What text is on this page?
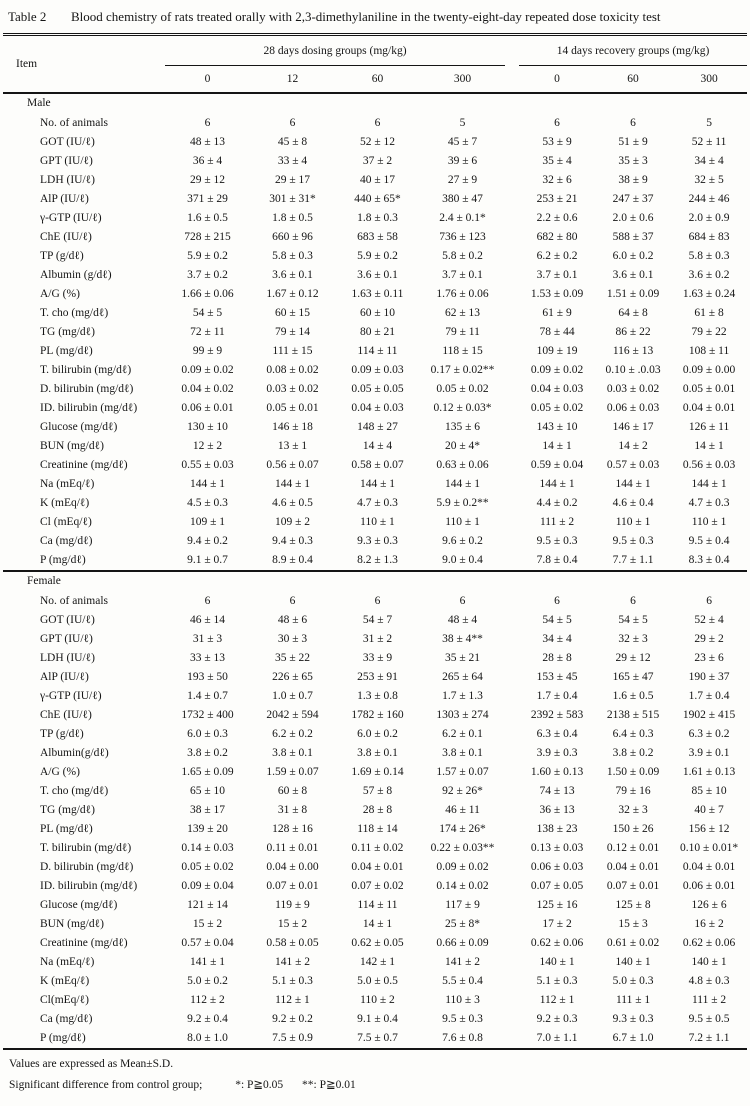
Table 2	Blood chemistry of rats treated orally with 2,3-dimethylaniline in the twenty-eight-day repeated dose toxicity test
Item	28 days dosing groups (mg/kg)					14 days recovery groups (mg/kg)		
	0	12	60	300		0	60	300
Male								
No. of animals	6	6	6	5		6	6	5
GOT (IU/ℓ)	48 ± 13	45 ± 8	52 ± 12	45 ± 7		53 ± 9	51 ± 9	52 ± 11
GPT (IU/ℓ)	36 ± 4	33 ± 4	37 ± 2	39 ± 6		35 ± 4	35 ± 3	34 ± 4
LDH (IU/ℓ)	29 ± 12	29 ± 17	40 ± 17	27 ± 9		32 ± 6	38 ± 9	32 ± 5
AlP (IU/ℓ)	371 ± 29	301 ± 31*	440 ± 65*	380 ± 47		253 ± 21	247 ± 37	244 ± 46
γ-GTP (IU/ℓ)	1.6 ± 0.5	1.8 ± 0.5	1.8 ± 0.3	2.4 ± 0.1*		2.2 ± 0.6	2.0 ± 0.6	2.0 ± 0.9
ChE (IU/ℓ)	728 ± 215	660 ± 96	683 ± 58	736 ± 123		682 ± 80	588 ± 37	684 ± 83
TP (g/dℓ)	5.9 ± 0.2	5.8 ± 0.3	5.9 ± 0.2	5.8 ± 0.2		6.2 ± 0.2	6.0 ± 0.2	5.8 ± 0.3
Albumin (g/dℓ)	3.7 ± 0.2	3.6 ± 0.1	3.6 ± 0.1	3.7 ± 0.1		3.7 ± 0.1	3.6 ± 0.1	3.6 ± 0.2
A/G (%)	1.66 ± 0.06	1.67 ± 0.12	1.63 ± 0.11	1.76 ± 0.06		1.53 ± 0.09	1.51 ± 0.09	1.63 ± 0.24
T. cho (mg/dℓ)	54 ± 5	60 ± 15	60 ± 10	62 ± 13		61 ± 9	64 ± 8	61 ± 8
TG (mg/dℓ)	72 ± 11	79 ± 14	80 ± 21	79 ± 11		78 ± 44	86 ± 22	79 ± 22
PL (mg/dℓ)	99 ± 9	111 ± 15	114 ± 11	118 ± 15		109 ± 19	116 ± 13	108 ± 11
T. bilirubin (mg/dℓ)	0.09 ± 0.02	0.08 ± 0.02	0.09 ± 0.03	0.17 ± 0.02**		0.09 ± 0.02	0.10 ± .0.03	0.09 ± 0.00
D. bilirubin (mg/dℓ)	0.04 ± 0.02	0.03 ± 0.02	0.05 ± 0.05	0.05 ± 0.02		0.04 ± 0.03	0.03 ± 0.02	0.05 ± 0.01
ID. bilirubin (mg/dℓ)	0.06 ± 0.01	0.05 ± 0.01	0.04 ± 0.03	0.12 ± 0.03*		0.05 ± 0.02	0.06 ± 0.03	0.04 ± 0.01
Glucose (mg/dℓ)	130 ± 10	146 ± 18	148 ± 27	135 ± 6		143 ± 10	146 ± 17	126 ± 11
BUN (mg/dℓ)	12 ± 2	13 ± 1	14 ± 4	20 ± 4*		14 ± 1	14 ± 2	14 ± 1
Creatinine (mg/dℓ)	0.55 ± 0.03	0.56 ± 0.07	0.58 ± 0.07	0.63 ± 0.06		0.59 ± 0.04	0.57 ± 0.03	0.56 ± 0.03
Na (mEq/ℓ)	144 ± 1	144 ± 1	144 ± 1	144 ± 1		144 ± 1	144 ± 1	144 ± 1
K (mEq/ℓ)	4.5 ± 0.3	4.6 ± 0.5	4.7 ± 0.3	5.9 ± 0.2**		4.4 ± 0.2	4.6 ± 0.4	4.7 ± 0.3
Cl (mEq/ℓ)	109 ± 1	109 ± 2	110 ± 1	110 ± 1		111 ± 2	110 ± 1	110 ± 1
Ca (mg/dℓ)	9.4 ± 0.2	9.4 ± 0.3	9.3 ± 0.3	9.6 ± 0.2		9.5 ± 0.3	9.5 ± 0.3	9.5 ± 0.4
P (mg/dℓ)	9.1 ± 0.7	8.9 ± 0.4	8.2 ± 1.3	9.0 ± 0.4		7.8 ± 0.4	7.7 ± 1.1	8.3 ± 0.4
Female								
No. of animals	6	6	6	6		6	6	6
GOT (IU/ℓ)	46 ± 14	48 ± 6	54 ± 7	48 ± 4		54 ± 5	54 ± 5	52 ± 4
GPT (IU/ℓ)	31 ± 3	30 ± 3	31 ± 2	38 ± 4**		34 ± 4	32 ± 3	29 ± 2
LDH (IU/ℓ)	33 ± 13	35 ± 22	33 ± 9	35 ± 21		28 ± 8	29 ± 12	23 ± 6
AlP (IU/ℓ)	193 ± 50	226 ± 65	253 ± 91	265 ± 64		153 ± 45	165 ± 47	190 ± 37
γ-GTP (IU/ℓ)	1.4 ± 0.7	1.0 ± 0.7	1.3 ± 0.8	1.7 ± 1.3		1.7 ± 0.4	1.6 ± 0.5	1.7 ± 0.4
ChE (IU/ℓ)	1732 ± 400	2042 ± 594	1782 ± 160	1303 ± 274		2392 ± 583	2138 ± 515	1902 ± 415
TP (g/dℓ)	6.0 ± 0.3	6.2 ± 0.2	6.0 ± 0.2	6.2 ± 0.1		6.3 ± 0.4	6.4 ± 0.3	6.3 ± 0.2
Albumin(g/dℓ)	3.8 ± 0.2	3.8 ± 0.1	3.8 ± 0.1	3.8 ± 0.1		3.9 ± 0.3	3.8 ± 0.2	3.9 ± 0.1
A/G (%)	1.65 ± 0.09	1.59 ± 0.07	1.69 ± 0.14	1.57 ± 0.07		1.60 ± 0.13	1.50 ± 0.09	1.61 ± 0.13
T. cho (mg/dℓ)	65 ± 10	60 ± 8	57 ± 8	92 ± 26*		74 ± 13	79 ± 16	85 ± 10
TG (mg/dℓ)	38 ± 17	31 ± 8	28 ± 8	46 ± 11		36 ± 13	32 ± 3	40 ± 7
PL (mg/dℓ)	139 ± 20	128 ± 16	118 ± 14	174 ± 26*		138 ± 23	150 ± 26	156 ± 12
T. bilirubin (mg/dℓ)	0.14 ± 0.03	0.11 ± 0.01	0.11 ± 0.02	0.22 ± 0.03**		0.13 ± 0.03	0.12 ± 0.01	0.10 ± 0.01*
D. bilirubin (mg/dℓ)	0.05 ± 0.02	0.04 ± 0.00	0.04 ± 0.01	0.09 ± 0.02		0.06 ± 0.03	0.04 ± 0.01	0.04 ± 0.01
ID. bilirubin (mg/dℓ)	0.09 ± 0.04	0.07 ± 0.01	0.07 ± 0.02	0.14 ± 0.02		0.07 ± 0.05	0.07 ± 0.01	0.06 ± 0.01
Glucose (mg/dℓ)	121 ± 14	119 ± 9	114 ± 11	117 ± 9		125 ± 16	125 ± 8	126 ± 6
BUN (mg/dℓ)	15 ± 2	15 ± 2	14 ± 1	25 ± 8*		17 ± 2	15 ± 3	16 ± 2
Creatinine (mg/dℓ)	0.57 ± 0.04	0.58 ± 0.05	0.62 ± 0.05	0.66 ± 0.09		0.62 ± 0.06	0.61 ± 0.02	0.62 ± 0.06
Na (mEq/ℓ)	141 ± 1	141 ± 2	142 ± 1	141 ± 2		140 ± 1	140 ± 1	140 ± 1
K (mEq/ℓ)	5.0 ± 0.2	5.1 ± 0.3	5.0 ± 0.5	5.5 ± 0.4		5.1 ± 0.3	5.0 ± 0.3	4.8 ± 0.3
Cl(mEq/ℓ)	112 ± 2	112 ± 1	110 ± 2	110 ± 3		112 ± 1	111 ± 1	111 ± 2
Ca (mg/dℓ)	9.2 ± 0.4	9.2 ± 0.2	9.1 ± 0.4	9.5 ± 0.3		9.2 ± 0.3	9.3 ± 0.3	9.5 ± 0.5
P (mg/dℓ)	8.0 ± 1.0	7.5 ± 0.9	7.5 ± 0.7	7.6 ± 0.8		7.0 ± 1.1	6.7 ± 1.0	7.2 ± 1.1
Values are expressed as Mean±S.D.
Significant difference from control group;	*: P≧0.05 **: P≧0.01
